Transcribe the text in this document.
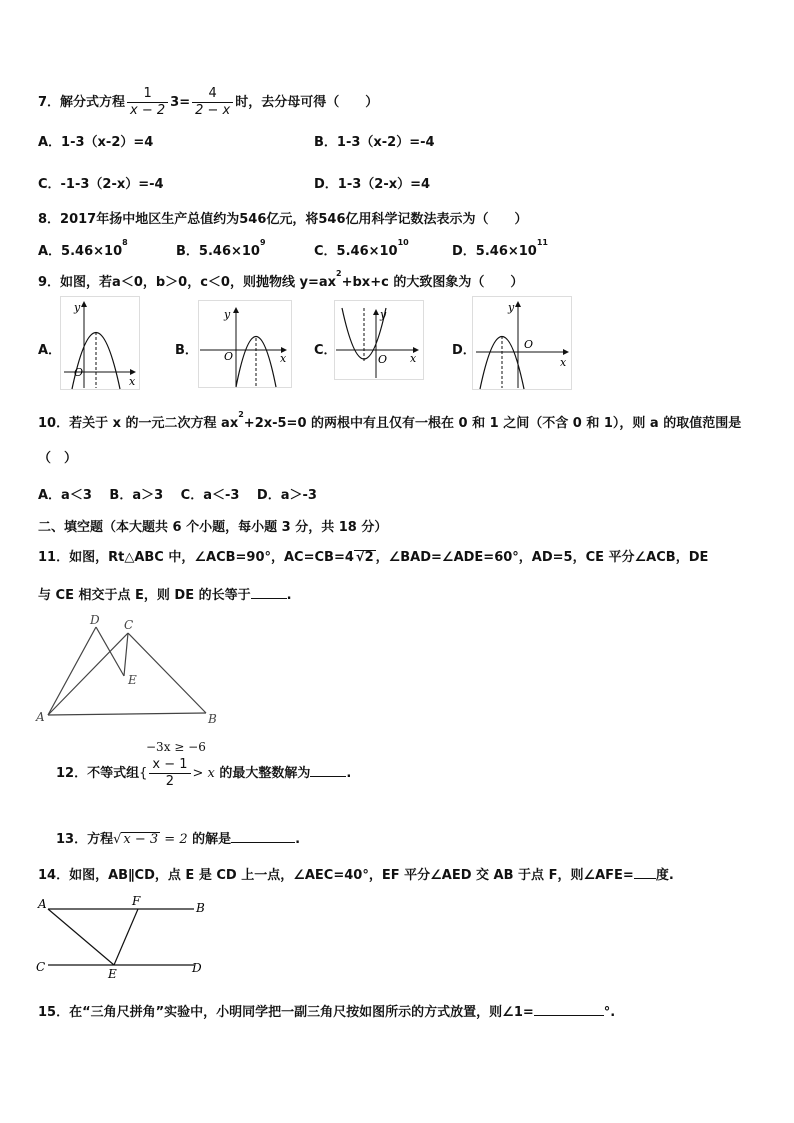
7．解分式方程 $\frac{1}{x - 2} 3= \frac{4}{2 - x}$ 时，去分母可得（　　）
A．1-3（x-2）=4	B．1-3（x-2）=-4
C．-1-3（2-x）=-4	D．1-3（2-x）=4
8．2017年扬中地区生产总值约为546亿元，将546亿用科学记数法表示为（　　）
A．$5.46\times 10^8$
B．$5.46\times 10^9$
C．$5.46\times 10^{10}$
D．$5.46\times 10^{11}$
9．如图，若a＜0，b＞0，c＜0，则抛物线 $y=ax^2+bx+c$ 的大致图象为（　　）
A．
y
x
O
B．
y
x
O	C．
y
x
O
D．
y
x
O
10．若关于 x 的一元二次方程 $ax^2+2x-5=0$ 的两根中有且仅有一根在 0 和 1 之间（不含 0 和 1），则 a 的取值范围是
（　）
A．a＜3　 B．a＞3　 C．a＜-3　 D．a＞-3
二、填空题（本大题共 6 个小题，每小题 3 分，共 18 分）
11．如图，Rt△ABC 中，∠ACB=90°，AC=CB=4 √2 ，∠BAD=∠ADE=60°，AD=5，CE 平分∠ACB，DE
与 CE 相交于点 E，则 DE 的长等于	.
A	B
C
D
E
−3x ≥ −6
12．不等式组{ $\frac{x - 1}{2} > x$ 的最大整数解为	.
13．方程√ x − 3 = 2 的解是	.
14．如图，AB∥CD，点 E 是 CD 上一点，∠AEC=40°，EF 平分∠AED 交 AB 于点 F，则∠AFE= 度.
A	B
C	D
E
F
15．在“三角尺拼角”实验中，小明同学把一副三角尺按如图所示的方式放置，则∠1=	°.
